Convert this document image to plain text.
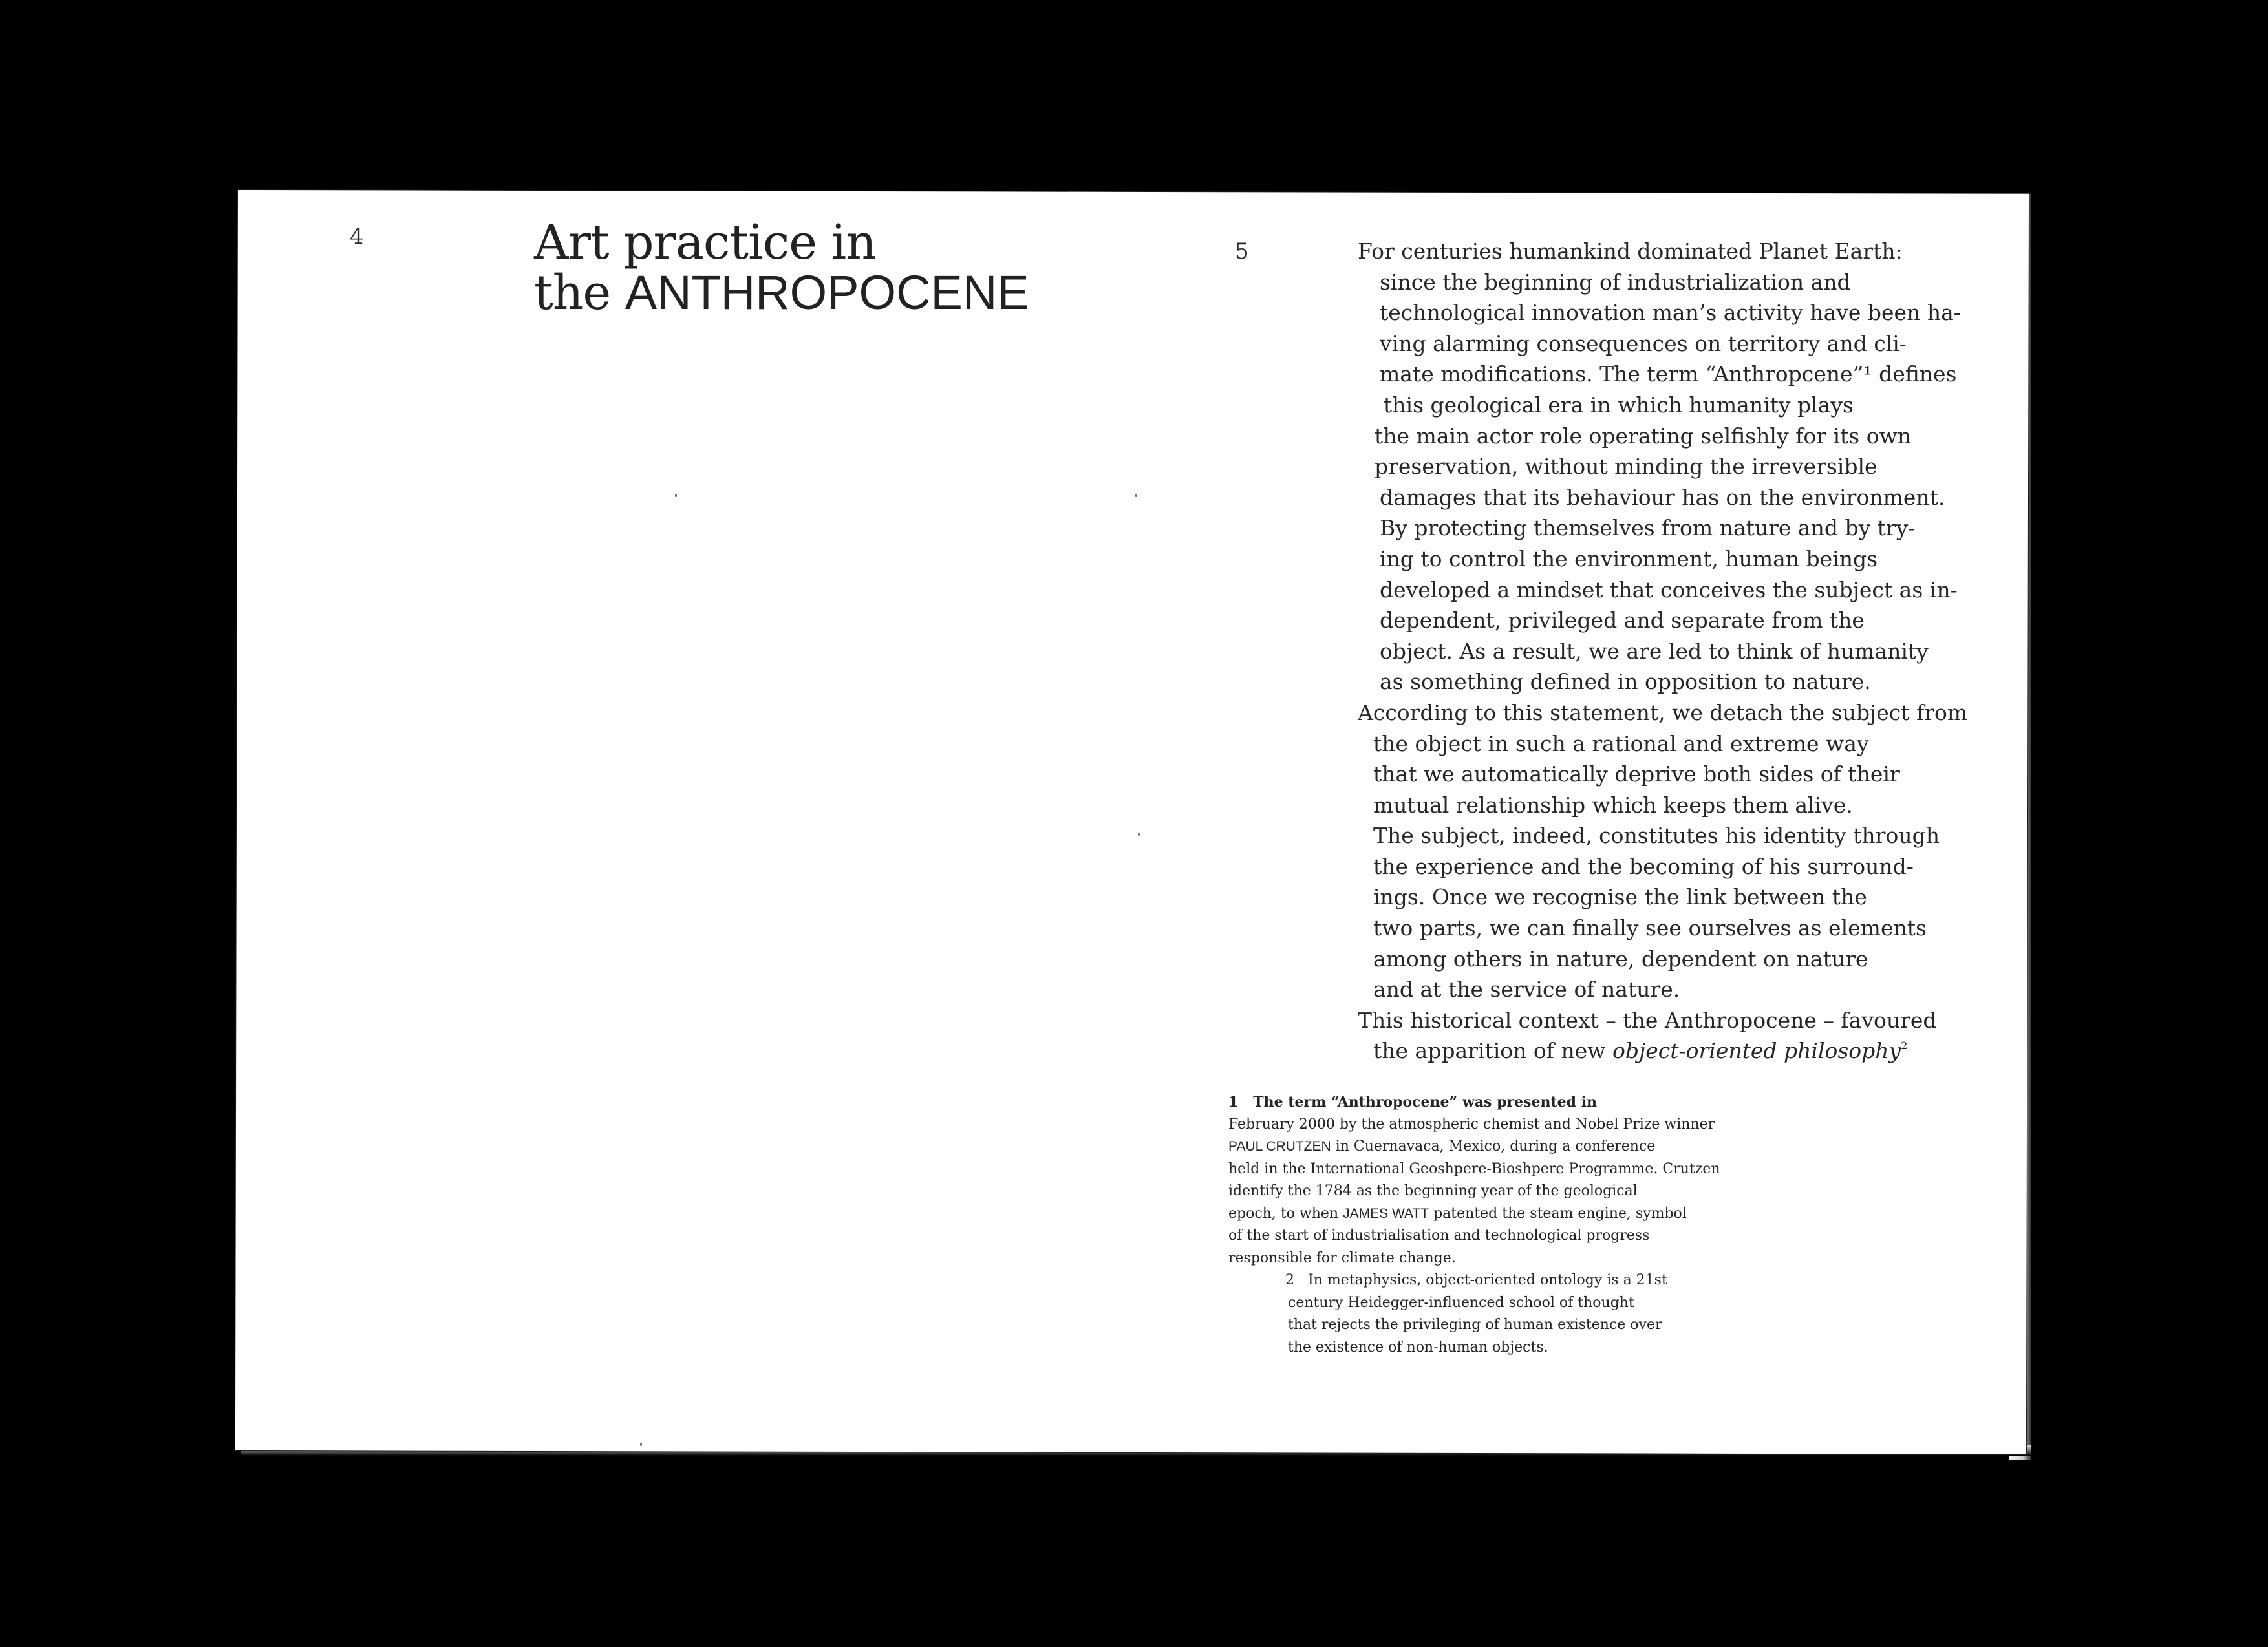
4	Art practice in
the ANTHROPOCENE
5	For centuries humankind dominated Planet Earth:
since the beginning of industrialization and
technological innovation man’s activity have been ha-
ving alarming consequences on territory and cli-
mate modifications. The term “Anthropcene”¹ defines
this geological era in which humanity plays
the main actor role operating selfishly for its own
preservation, without minding the irreversible
damages that its behaviour has on the environment.
By protecting themselves from nature and by try-
ing to control the environment, human beings
developed a mindset that conceives the subject as in-
dependent, privileged and separate from the
object. As a result, we are led to think of humanity
as something defined in opposition to nature.
According to this statement, we detach the subject from
the object in such a rational and extreme way
that we automatically deprive both sides of their
mutual relationship which keeps them alive.
The subject, indeed, constitutes his identity through
the experience and the becoming of his surround-
ings. Once we recognise the link between the
two parts, we can finally see ourselves as elements
among others in nature, dependent on nature
and at the service of nature.
This historical context – the Anthropocene – favoured
the apparition of new object-oriented philosophy$^2$
1   The term “Anthropocene” was presented in
February 2000 by the atmospheric chemist and Nobel Prize winner
PAUL CRUTZEN in Cuernavaca, Mexico, during a conference
held in the International Geoshpere-Bioshpere Programme. Crutzen
identify the 1784 as the beginning year of the geological
epoch, to when JAMES WATT patented the steam engine, symbol
of the start of industrialisation and technological progress
responsible for climate change.
2   In metaphysics, object-oriented ontology is a 21st
century Heidegger-influenced school of thought
that rejects the privileging of human existence over
the existence of non-human objects.
